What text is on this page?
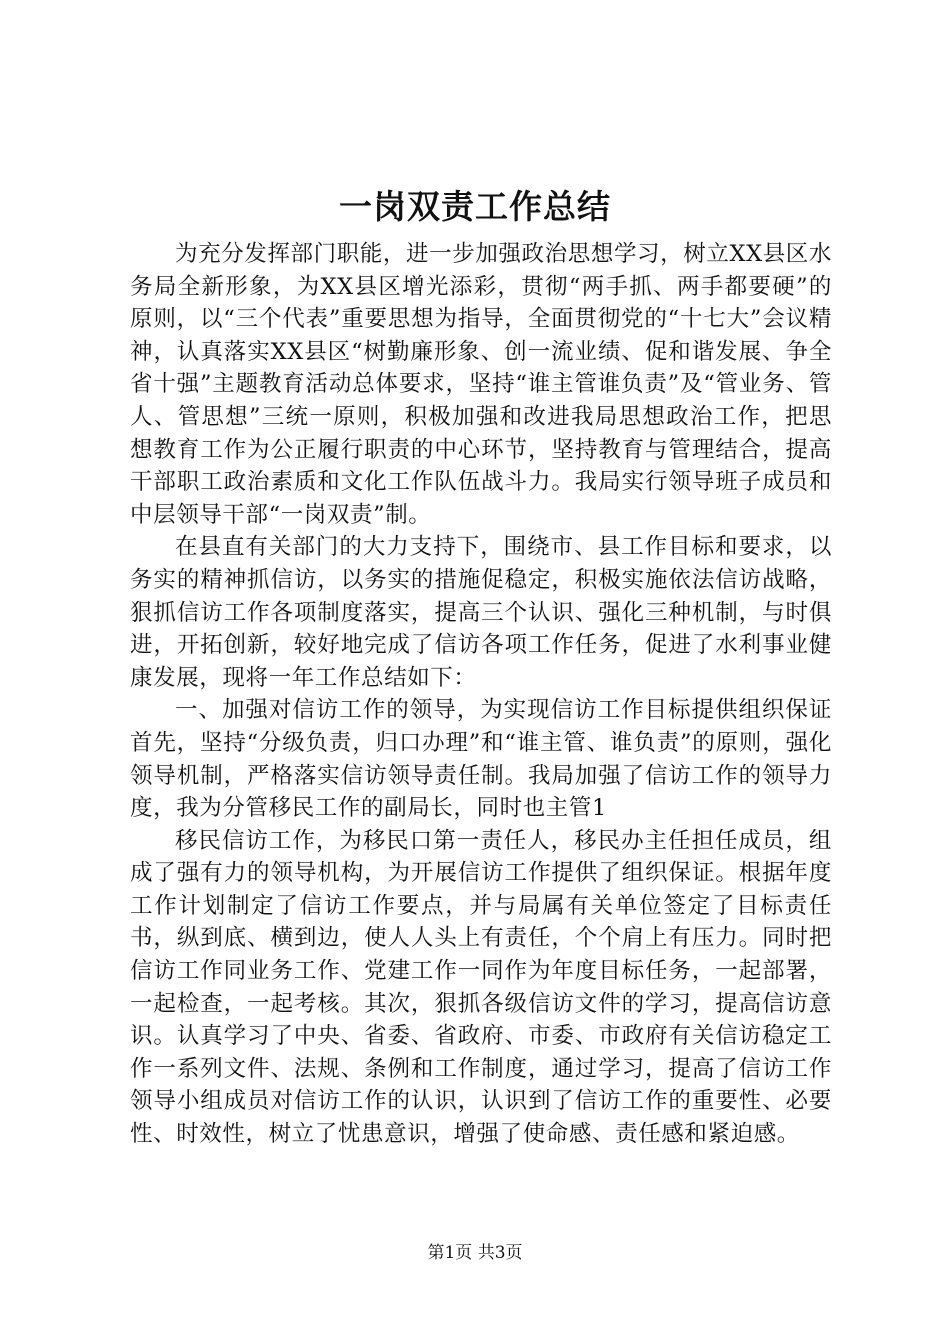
一岗双责工作总结

为充分发挥部门职能，进一步加强政治思想学习，树立XX县区水务局全新形象，为XX县区增光添彩，贯彻“两手抓、两手都要硬”的原则，以“三个代表”重要思想为指导，全面贯彻党的“十七大”会议精神，认真落实XX县区“树勤廉形象、创一流业绩、促和谐发展、争全省十强”主题教育活动总体要求，坚持“谁主管谁负责”及“管业务、管人、管思想”三统一原则，积极加强和改进我局思想政治工作，把思想教育工作为公正履行职责的中心环节，坚持教育与管理结合，提高干部职工政治素质和文化工作队伍战斗力。我局实行领导班子成员和中层领导干部“一岗双责”制。

在县直有关部门的大力支持下，围绕市、县工作目标和要求，以务实的精神抓信访，以务实的措施促稳定，积极实施依法信访战略，狠抓信访工作各项制度落实，提高三个认识、强化三种机制，与时俱进，开拓创新，较好地完成了信访各项工作任务，促进了水利事业健康发展，现将一年工作总结如下：

一、加强对信访工作的领导，为实现信访工作目标提供组织保证首先，坚持“分级负责，归口办理”和“谁主管、谁负责”的原则，强化领导机制，严格落实信访领导责任制。我局加强了信访工作的领导力度，我为分管移民工作的副局长，同时也主管1

移民信访工作，为移民口第一责任人，移民办主任担任成员，组成了强有力的领导机构，为开展信访工作提供了组织保证。根据年度工作计划制定了信访工作要点，并与局属有关单位签定了目标责任书，纵到底、横到边，使人人头上有责任，个个肩上有压力。同时把信访工作同业务工作、党建工作一同作为年度目标任务，一起部署，一起检查，一起考核。其次，狠抓各级信访文件的学习，提高信访意识。认真学习了中央、省委、省政府、市委、市政府有关信访稳定工作一系列文件、法规、条例和工作制度，通过学习，提高了信访工作领导小组成员对信访工作的认识，认识到了信访工作的重要性、必要性、时效性，树立了忧患意识，增强了使命感、责任感和紧迫感。

第1页 共3页
